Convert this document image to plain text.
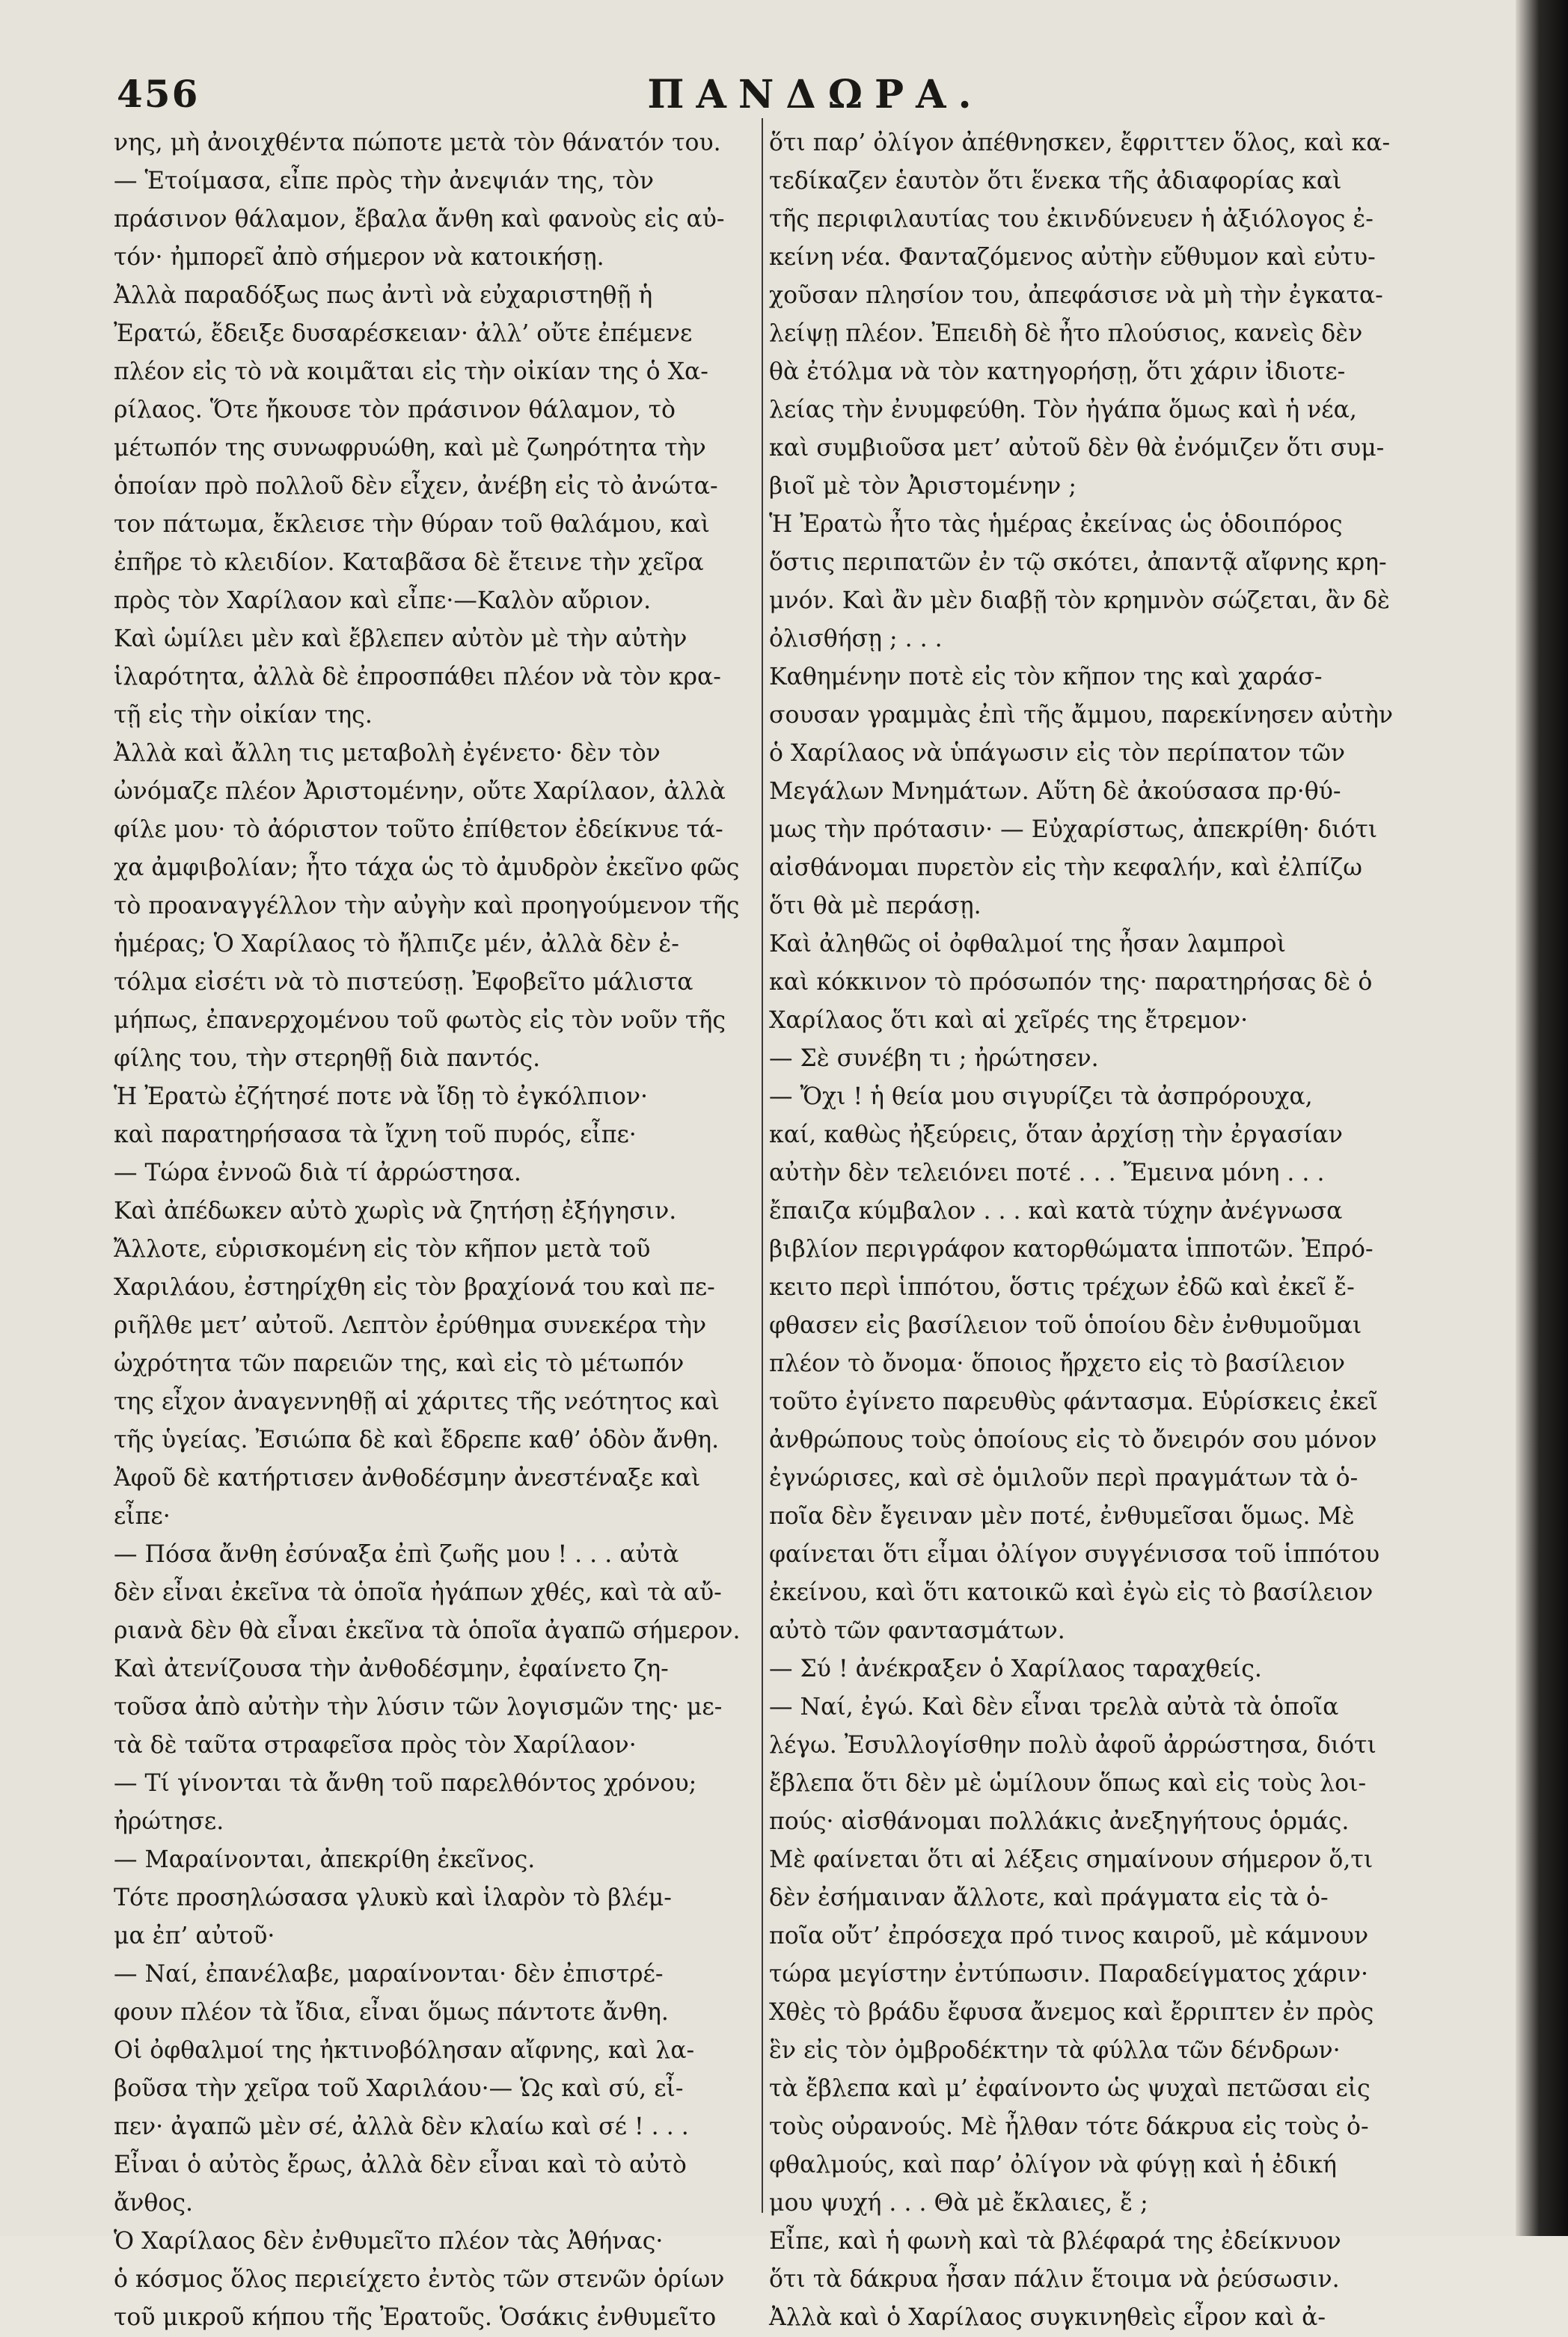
456	ΠΑΝΔΩΡΑ.
νης, μὴ ἀνοιχθέντα πώποτε μετὰ τὸν θάνατόν του.
— Ἑτοίμασα, εἶπε πρὸς τὴν ἀνεψιάν της, τὸν
πράσινον θάλαμον, ἔβαλα ἄνθη καὶ φανοὺς εἰς αὐ-
τόν· ἠμπορεῖ ἀπὸ σήμερον νὰ κατοικήσῃ.
Ἀλλὰ παραδόξως πως ἀντὶ νὰ εὐχαριστηθῇ ἡ
Ἐρατώ, ἔδειξε δυσαρέσκειαν· ἀλλ’ οὔτε ἐπέμενε
πλέον εἰς τὸ νὰ κοιμᾶται εἰς τὴν οἰκίαν της ὁ Χα-
ρίλαος. Ὅτε ἤκουσε τὸν πράσινον θάλαμον, τὸ
μέτωπόν της συνωφρυώθη, καὶ μὲ ζωηρότητα τὴν
ὁποίαν πρὸ πολλοῦ δὲν εἶχεν, ἀνέβη εἰς τὸ ἀνώτα-
τον πάτωμα, ἔκλεισε τὴν θύραν τοῦ θαλάμου, καὶ
ἐπῆρε τὸ κλειδίον. Καταβᾶσα δὲ ἔτεινε τὴν χεῖρα
πρὸς τὸν Χαρίλαον καὶ εἶπε·—Καλὸν αὔριον.
Καὶ ὡμίλει μὲν καὶ ἔβλεπεν αὐτὸν μὲ τὴν αὐτὴν
ἱλαρότητα, ἀλλὰ δὲ ἐπροσπάθει πλέον νὰ τὸν κρα-
τῇ εἰς τὴν οἰκίαν της.
Ἀλλὰ καὶ ἄλλη τις μεταβολὴ ἐγένετο· δὲν τὸν
ὠνόμαζε πλέον Ἀριστομένην, οὔτε Χαρίλαον, ἀλλὰ
φίλε μου· τὸ ἀόριστον τοῦτο ἐπίθετον ἐδείκνυε τά-
χα ἀμφιβολίαν; ἦτο τάχα ὡς τὸ ἀμυδρὸν ἐκεῖνο φῶς
τὸ προαναγγέλλον τὴν αὐγὴν καὶ προηγούμενον τῆς
ἡμέρας; Ὁ Χαρίλαος τὸ ἤλπιζε μέν, ἀλλὰ δὲν ἐ-
τόλμα εἰσέτι νὰ τὸ πιστεύσῃ. Ἐφοβεῖτο μάλιστα
μήπως, ἐπανερχομένου τοῦ φωτὸς εἰς τὸν νοῦν τῆς
φίλης του, τὴν στερηθῇ διὰ παντός.
Ἡ Ἐρατὼ ἐζήτησέ ποτε νὰ ἴδῃ τὸ ἐγκόλπιον·
καὶ παρατηρήσασα τὰ ἴχνη τοῦ πυρός, εἶπε·
— Τώρα ἐννοῶ διὰ τί ἀρρώστησα.
Καὶ ἀπέδωκεν αὐτὸ χωρὶς νὰ ζητήσῃ ἐξήγησιν.
Ἄλλοτε, εὑρισκομένη εἰς τὸν κῆπον μετὰ τοῦ
Χαριλάου, ἐστηρίχθη εἰς τὸν βραχίονά του καὶ πε-
ριῆλθε μετ’ αὐτοῦ. Λεπτὸν ἐρύθημα συνεκέρα τὴν
ὠχρότητα τῶν παρειῶν της, καὶ εἰς τὸ μέτωπόν
της εἶχον ἀναγεννηθῇ αἱ χάριτες τῆς νεότητος καὶ
τῆς ὑγείας. Ἐσιώπα δὲ καὶ ἔδρεπε καθ’ ὁδὸν ἄνθη.
Ἀφοῦ δὲ κατήρτισεν ἀνθοδέσμην ἀνεστέναξε καὶ
εἶπε·
— Πόσα ἄνθη ἐσύναξα ἐπὶ ζωῆς μου ! . . . αὐτὰ
δὲν εἶναι ἐκεῖνα τὰ ὁποῖα ἠγάπων χθές, καὶ τὰ αὔ-
ριανὰ δὲν θὰ εἶναι ἐκεῖνα τὰ ὁποῖα ἀγαπῶ σήμερον.
Καὶ ἀτενίζουσα τὴν ἀνθοδέσμην, ἐφαίνετο ζη-
τοῦσα ἀπὸ αὐτὴν τὴν λύσιν τῶν λογισμῶν της· με-
τὰ δὲ ταῦτα στραφεῖσα πρὸς τὸν Χαρίλαον·
— Τί γίνονται τὰ ἄνθη τοῦ παρελθόντος χρόνου;
ἠρώτησε.
— Μαραίνονται, ἀπεκρίθη ἐκεῖνος.
Τότε προσηλώσασα γλυκὺ καὶ ἱλαρὸν τὸ βλέμ-
μα ἐπ’ αὐτοῦ·
— Ναί, ἐπανέλαβε, μαραίνονται· δὲν ἐπιστρέ-
φουν πλέον τὰ ἴδια, εἶναι ὅμως πάντοτε ἄνθη.
Οἱ ὀφθαλμοί της ἠκτινοβόλησαν αἴφνης, καὶ λα-
βοῦσα τὴν χεῖρα τοῦ Χαριλάου·— Ὡς καὶ σύ, εἶ-
πεν· ἀγαπῶ μὲν σέ, ἀλλὰ δὲν κλαίω καὶ σέ ! . . .
Εἶναι ὁ αὐτὸς ἔρως, ἀλλὰ δὲν εἶναι καὶ τὸ αὐτὸ
ἄνθος.
Ὁ Χαρίλαος δὲν ἐνθυμεῖτο πλέον τὰς Ἀθήνας·
ὁ κόσμος ὅλος περιείχετο ἐντὸς τῶν στενῶν ὁρίων
τοῦ μικροῦ κήπου τῆς Ἐρατοῦς. Ὁσάκις ἐνθυμεῖτο
ὅτι παρ’ ὀλίγον ἀπέθνησκεν, ἔφριττεν ὅλος, καὶ κα-
τεδίκαζεν ἑαυτὸν ὅτι ἕνεκα τῆς ἀδιαφορίας καὶ
τῆς περιφιλαυτίας του ἐκινδύνευεν ἡ ἀξιόλογος ἐ-
κείνη νέα. Φανταζόμενος αὐτὴν εὔθυμον καὶ εὐτυ-
χοῦσαν πλησίον του, ἀπεφάσισε νὰ μὴ τὴν ἐγκατα-
λείψῃ πλέον. Ἐπειδὴ δὲ ἦτο πλούσιος, κανεὶς δὲν
θὰ ἐτόλμα νὰ τὸν κατηγορήσῃ, ὅτι χάριν ἰδιοτε-
λείας τὴν ἐνυμφεύθη. Τὸν ἠγάπα ὅμως καὶ ἡ νέα,
καὶ συμβιοῦσα μετ’ αὐτοῦ δὲν θὰ ἐνόμιζεν ὅτι συμ-
βιοῖ μὲ τὸν Ἀριστομένην ;
Ἡ Ἐρατὼ ἦτο τὰς ἡμέρας ἐκείνας ὡς ὁδοιπόρος
ὅστις περιπατῶν ἐν τῷ σκότει, ἀπαντᾷ αἴφνης κρη-
μνόν. Καὶ ἂν μὲν διαβῇ τὸν κρημνὸν σώζεται, ἂν δὲ
ὀλισθήσῃ ; . . .
Καθημένην ποτὲ εἰς τὸν κῆπον της καὶ χαράσ-
σουσαν γραμμὰς ἐπὶ τῆς ἄμμου, παρεκίνησεν αὐτὴν
ὁ Χαρίλαος νὰ ὑπάγωσιν εἰς τὸν περίπατον τῶν
Μεγάλων Μνημάτων. Αὕτη δὲ ἀκούσασα πρ·θύ-
μως τὴν πρότασιν· — Εὐχαρίστως, ἀπεκρίθη· διότι
αἰσθάνομαι πυρετὸν εἰς τὴν κεφαλήν, καὶ ἐλπίζω
ὅτι θὰ μὲ περάσῃ.
Καὶ ἀληθῶς οἱ ὀφθαλμοί της ἦσαν λαμπροὶ
καὶ κόκκινον τὸ πρόσωπόν της· παρατηρήσας δὲ ὁ
Χαρίλαος ὅτι καὶ αἱ χεῖρές της ἔτρεμον·
— Σὲ συνέβη τι ; ἠρώτησεν.
— Ὄχι ! ἡ θεία μου σιγυρίζει τὰ ἀσπρόρουχα,
καί, καθὼς ἠξεύρεις, ὅταν ἀρχίσῃ τὴν ἐργασίαν
αὐτὴν δὲν τελειόνει ποτέ . . . Ἔμεινα μόνη . . .
ἔπαιζα κύμβαλον . . . καὶ κατὰ τύχην ἀνέγνωσα
βιβλίον περιγράφον κατορθώματα ἱπποτῶν. Ἐπρό-
κειτο περὶ ἱππότου, ὅστις τρέχων ἐδῶ καὶ ἐκεῖ ἔ-
φθασεν εἰς βασίλειον τοῦ ὁποίου δὲν ἐνθυμοῦμαι
πλέον τὸ ὄνομα· ὅποιος ἤρχετο εἰς τὸ βασίλειον
τοῦτο ἐγίνετο παρευθὺς φάντασμα. Εὑρίσκεις ἐκεῖ
ἀνθρώπους τοὺς ὁποίους εἰς τὸ ὄνειρόν σου μόνον
ἐγνώρισες, καὶ σὲ ὁμιλοῦν περὶ πραγμάτων τὰ ὁ-
ποῖα δὲν ἔγειναν μὲν ποτέ, ἐνθυμεῖσαι ὅμως. Μὲ
φαίνεται ὅτι εἶμαι ὀλίγον συγγένισσα τοῦ ἱππότου
ἐκείνου, καὶ ὅτι κατοικῶ καὶ ἐγὼ εἰς τὸ βασίλειον
αὐτὸ τῶν φαντασμάτων.
— Σύ ! ἀνέκραξεν ὁ Χαρίλαος ταραχθείς.
— Ναί, ἐγώ. Καὶ δὲν εἶναι τρελὰ αὐτὰ τὰ ὁποῖα
λέγω. Ἐσυλλογίσθην πολὺ ἀφοῦ ἀρρώστησα, διότι
ἔβλεπα ὅτι δὲν μὲ ὡμίλουν ὅπως καὶ εἰς τοὺς λοι-
πούς· αἰσθάνομαι πολλάκις ἀνεξηγήτους ὁρμάς.
Μὲ φαίνεται ὅτι αἱ λέξεις σημαίνουν σήμερον ὅ,τι
δὲν ἐσήμαιναν ἄλλοτε, καὶ πράγματα εἰς τὰ ὁ-
ποῖα οὔτ’ ἐπρόσεχα πρό τινος καιροῦ, μὲ κάμνουν
τώρα μεγίστην ἐντύπωσιν. Παραδείγματος χάριν·
Χθὲς τὸ βράδυ ἔφυσα ἄνεμος καὶ ἔρριπτεν ἐν πρὸς
ἓν εἰς τὸν ὀμβροδέκτην τὰ φύλλα τῶν δένδρων·
τὰ ἔβλεπα καὶ μ’ ἐφαίνοντο ὡς ψυχαὶ πετῶσαι εἰς
τοὺς οὐρανούς. Μὲ ἦλθαν τότε δάκρυα εἰς τοὺς ὀ-
φθαλμούς, καὶ παρ’ ὀλίγον νὰ φύγῃ καὶ ἡ ἐδική
μου ψυχή . . . Θὰ μὲ ἔκλαιες, ἔ ;
Εἶπε, καὶ ἡ φωνὴ καὶ τὰ βλέφαρά της ἐδείκνυον
ὅτι τὰ δάκρυα ἦσαν πάλιν ἕτοιμα νὰ ῥεύσωσιν.
Ἀλλὰ καὶ ὁ Χαρίλαος συγκινηθεὶς εἶρον καὶ ἀ-
